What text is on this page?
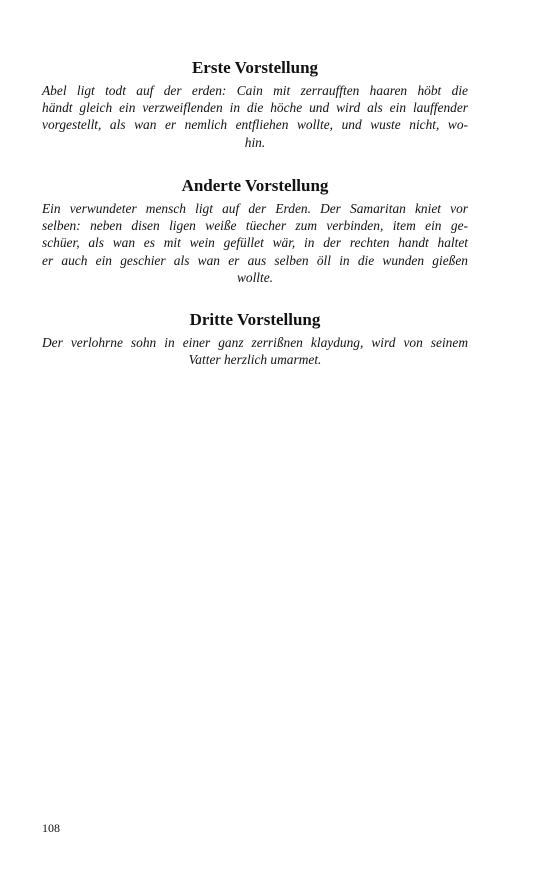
Erste Vorstellung

Abel ligt todt auf der erden: Cain mit zerraufften haaren höbt die
händt gleich ein verzweiflenden in die höche und wird als ein lauffender
vorgestellt, als wan er nemlich entfliehen wollte, und wuste nicht, wo-
hin.

Anderte Vorstellung

Ein verwundeter mensch ligt auf der Erden. Der Samaritan kniet vor
selben: neben disen ligen weiße tüecher zum verbinden, item ein ge-
schüer, als wan es mit wein gefüllet wär, in der rechten handt haltet
er auch ein geschier als wan er aus selben öll in die wunden gießen
wollte.

Dritte Vorstellung

Der verlohrne sohn in einer ganz zerrißnen klaydung, wird von seinem
Vatter herzlich umarmet.

108
